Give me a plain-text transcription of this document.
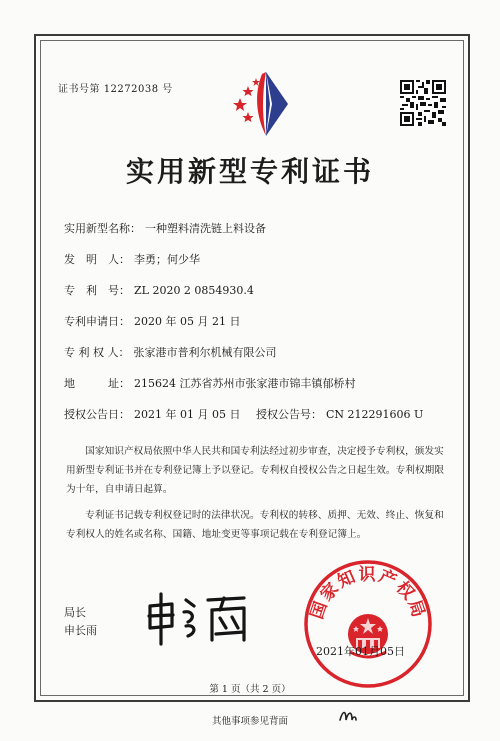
证书号第 12272038 号
实用新型专利证书
实用新型名称： 一种塑料清洗链上料设备
发　明　人： 李勇；何少华
专　利　号： ZL 2020 2 0854930.4
专利申请日： 2020 年 05 月 21 日
专 利 权 人： 张家港市普利尔机械有限公司
地　　　址： 215624 江苏省苏州市张家港市锦丰镇郁桥村
授权公告日： 2021 年 01 月 05 日 授权公告号： CN 212291606 U
国家知识产权局依照中华人民共和国专利法经过初步审查，决定授予专利权，颁发实用新型专利证书并在专利登记簿上予以登记。专利权自授权公告之日起生效。专利权期限为十年，自申请日起算。
专利证书记载专利权登记时的法律状况。专利权的转移、质押、无效、终止、恢复和专利权人的姓名或名称、国籍、地址变更等事项记载在专利登记簿上。
局长
申长雨
国家知识产权局
2021年01月05日
第 1 页（共 2 页）
其他事项参见背面
